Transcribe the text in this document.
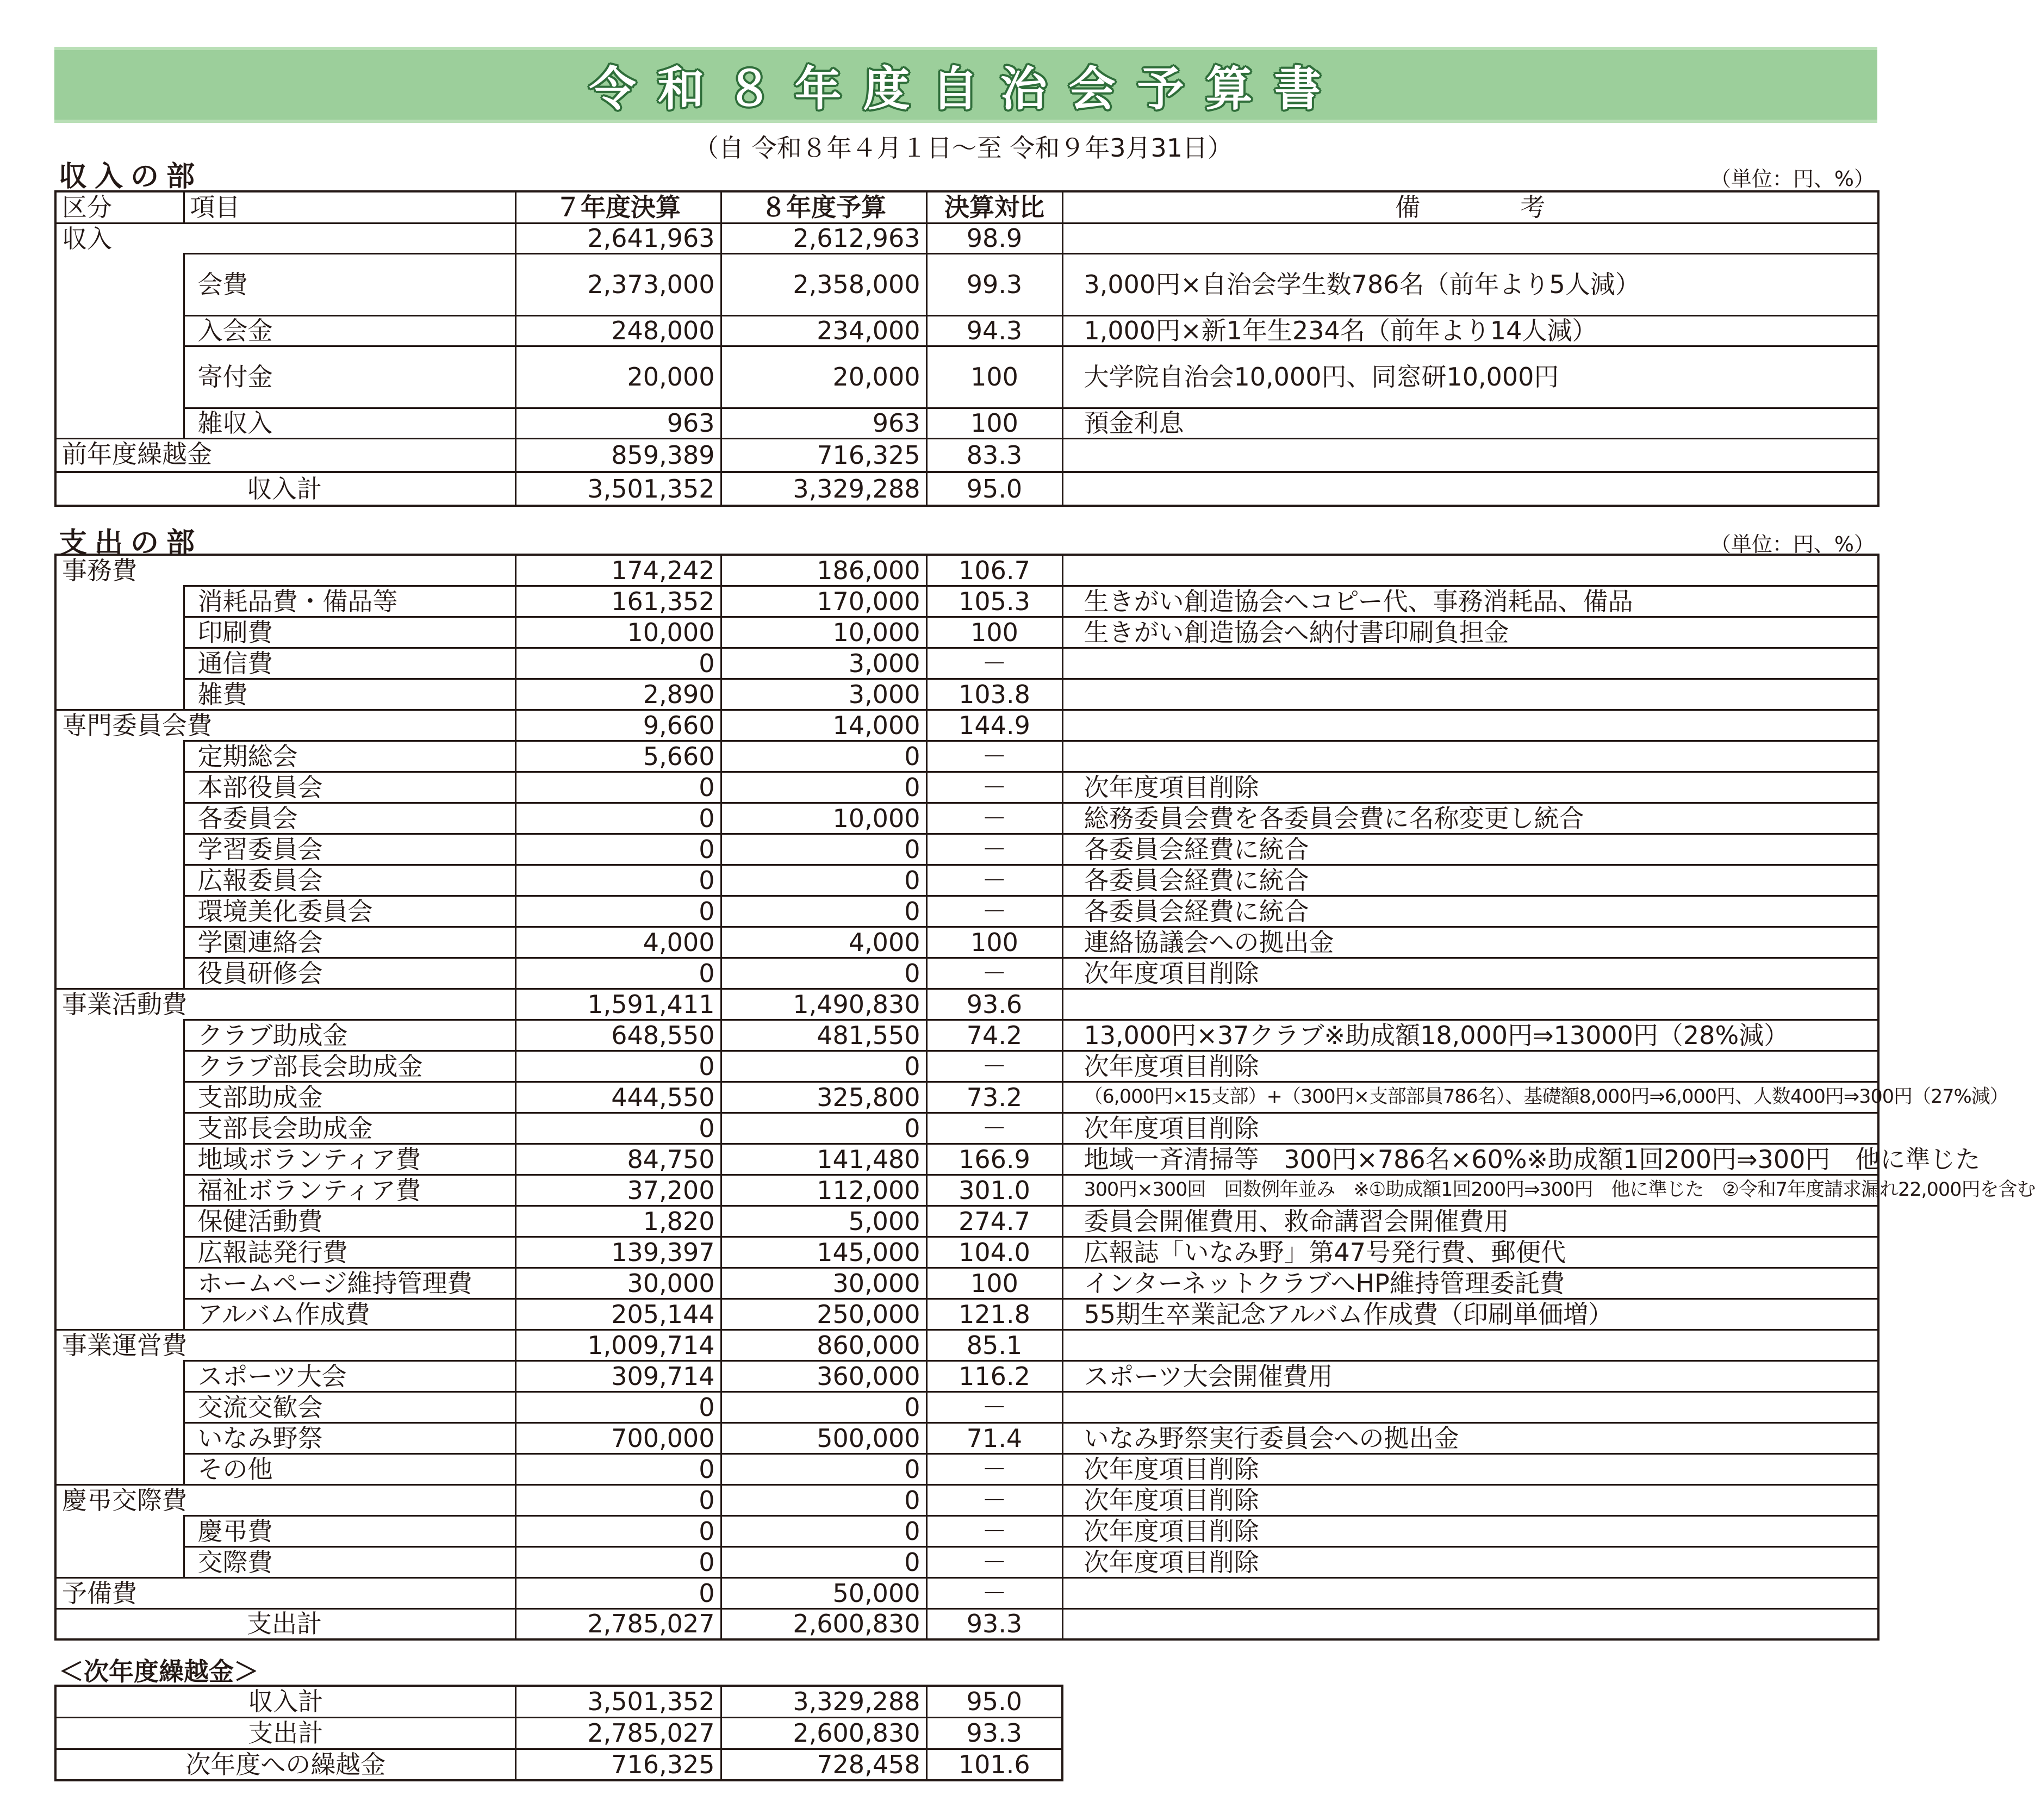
令和８年度自治会予算書
（自 令和８年４月１日～至 令和９年3月31日）
収入の部	（単位：円、%）
区分	項目	７年度決算	８年度予算	決算対比	備　　　　考
収入		2,641,963	2,612,963	98.9	
	会費	2,373,000	2,358,000	99.3	3,000円×自治会学生数786名（前年より5人減）
	入会金	248,000	234,000	94.3	1,000円×新1年生234名（前年より14人減）
	寄付金	20,000	20,000	100	大学院自治会10,000円、同窓研10,000円
	雑収入	963	963	100	預金利息
前年度繰越金		859,389	716,325	83.3	
収入計		3,501,352	3,329,288	95.0	
支出の部	（単位：円、%）
事務費		174,242	186,000	106.7	
	消耗品費・備品等	161,352	170,000	105.3	生きがい創造協会へコピー代、事務消耗品、備品
	印刷費	10,000	10,000	100	生きがい創造協会へ納付書印刷負担金
	通信費	0	3,000	－	
	雑費	2,890	3,000	103.8	
専門委員会費		9,660	14,000	144.9	
	定期総会	5,660	0	－	
	本部役員会	0	0	－	次年度項目削除
	各委員会	0	10,000	－	総務委員会費を各委員会費に名称変更し統合
	学習委員会	0	0	－	各委員会経費に統合
	広報委員会	0	0	－	各委員会経費に統合
	環境美化委員会	0	0	－	各委員会経費に統合
	学園連絡会	4,000	4,000	100	連絡協議会への拠出金
	役員研修会	0	0	－	次年度項目削除
事業活動費		1,591,411	1,490,830	93.6	
	クラブ助成金	648,550	481,550	74.2	13,000円×37クラブ※助成額18,000円⇒13000円（28%減）
	クラブ部長会助成金	0	0	－	次年度項目削除
	支部助成金	444,550	325,800	73.2	（6,000円×15支部）+（300円×支部部員786名）、基礎額8,000円⇒6,000円、人数400円⇒300円（27%減）
	支部長会助成金	0	0	－	次年度項目削除
	地域ボランティア費	84,750	141,480	166.9	地域一斉清掃等　300円×786名×60%※助成額1回200円⇒300円　他に準じた
	福祉ボランティア費	37,200	112,000	301.0	300円×300回　回数例年並み　※①助成額1回200円⇒300円　他に準じた　②令和7年度請求漏れ22,000円を含む
	保健活動費	1,820	5,000	274.7	委員会開催費用、救命講習会開催費用
	広報誌発行費	139,397	145,000	104.0	広報誌「いなみ野」第47号発行費、郵便代
	ホームページ維持管理費	30,000	30,000	100	インターネットクラブへHP維持管理委託費
	アルバム作成費	205,144	250,000	121.8	55期生卒業記念アルバム作成費（印刷単価増）
事業運営費		1,009,714	860,000	85.1	
	スポーツ大会	309,714	360,000	116.2	スポーツ大会開催費用
	交流交歓会	0	0	－	
	いなみ野祭	700,000	500,000	71.4	いなみ野祭実行委員会への拠出金
	その他	0	0	－	次年度項目削除
慶弔交際費		0	0	－	次年度項目削除
	慶弔費	0	0	－	次年度項目削除
	交際費	0	0	－	次年度項目削除
予備費		0	50,000	－	
支出計		2,785,027	2,600,830	93.3	
＜次年度繰越金＞
収入計	3,501,352	3,329,288	95.0
支出計	2,785,027	2,600,830	93.3
次年度への繰越金	716,325	728,458	101.6
